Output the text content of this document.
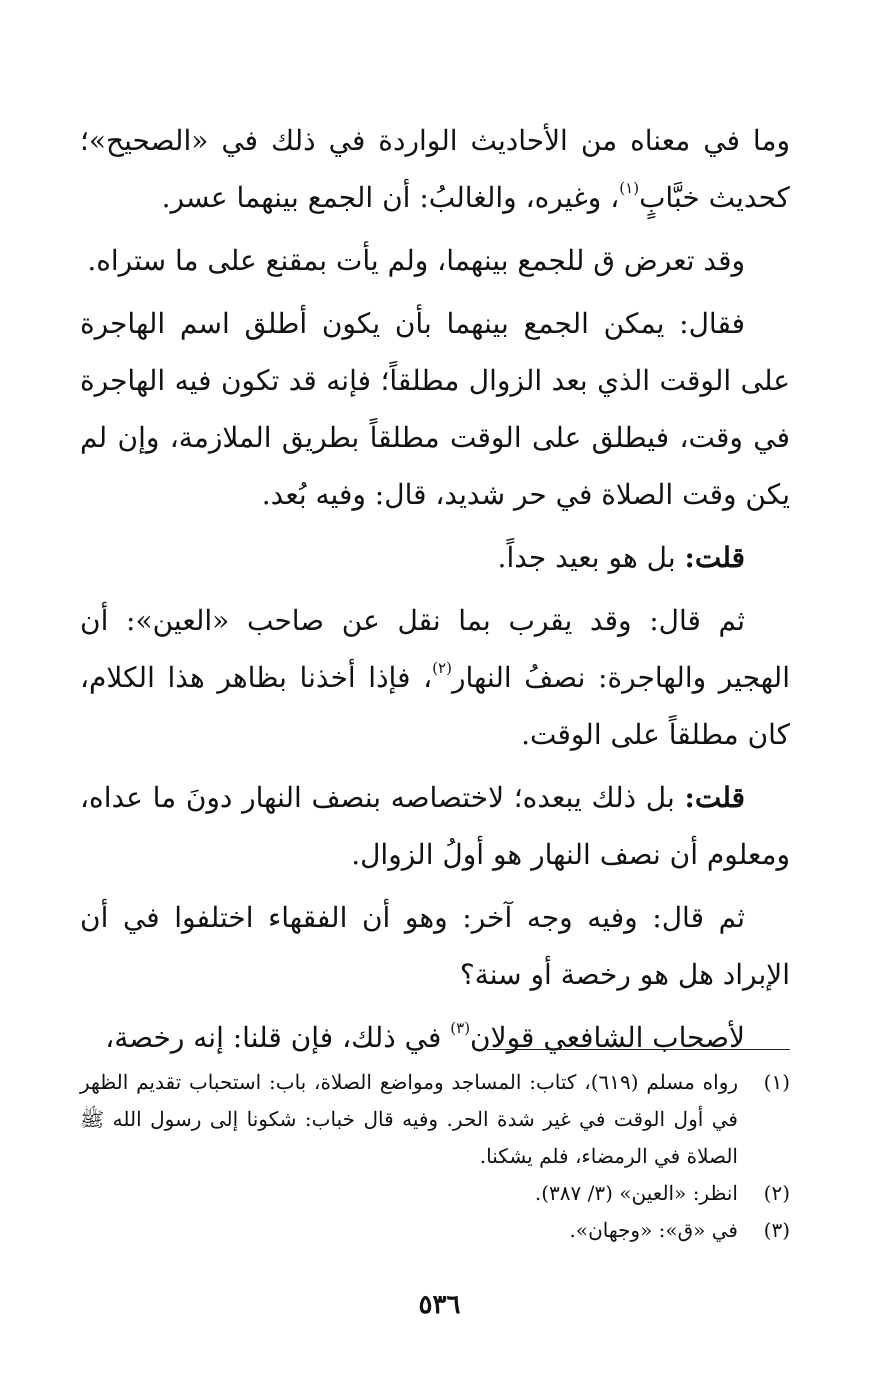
وما في معناه من الأحاديث الواردة في ذلك في «الصحيح»؛ كحديث خبَّابٍ$^{(١)}$، وغيره، والغالبُ: أن الجمع بينهما عسر.

وقد تعرض ق للجمع بينهما، ولم يأت بمقنع على ما ستراه.

فقال: يمكن الجمع بينهما بأن يكون أطلق اسم الهاجرة على الوقت الذي بعد الزوال مطلقاً؛ فإنه قد تكون فيه الهاجرة في وقت، فيطلق على الوقت مطلقاً بطريق الملازمة، وإن لم يكن وقت الصلاة في حر شديد، قال: وفيه بُعد.

قلت: بل هو بعيد جداً.

ثم قال: وقد يقرب بما نقل عن صاحب «العين»: أن الهجير والهاجرة: نصفُ النهار$^{(٢)}$، فإذا أخذنا بظاهر هذا الكلام، كان مطلقاً على الوقت.

قلت: بل ذلك يبعده؛ لاختصاصه بنصف النهار دونَ ما عداه، ومعلوم أن نصف النهار هو أولُ الزوال.

ثم قال: وفيه وجه آخر: وهو أن الفقهاء اختلفوا في أن الإبراد هل هو رخصة أو سنة؟

لأصحاب الشافعي قولان$^{(٣)}$ في ذلك، فإن قلنا: إنه رخصة،

(١)
رواه مسلم (٦١٩)، كتاب: المساجد ومواضع الصلاة، باب: استحباب تقديم الظهر في أول الوقت في غير شدة الحر. وفيه قال خباب: شكونا إلى رسول الله ﷺ الصلاة في الرمضاء، فلم يشكنا.

(٢)
انظر: «العين» (٣/ ٣٨٧).

(٣)
في «ق»: «وجهان».

٥٣٦
